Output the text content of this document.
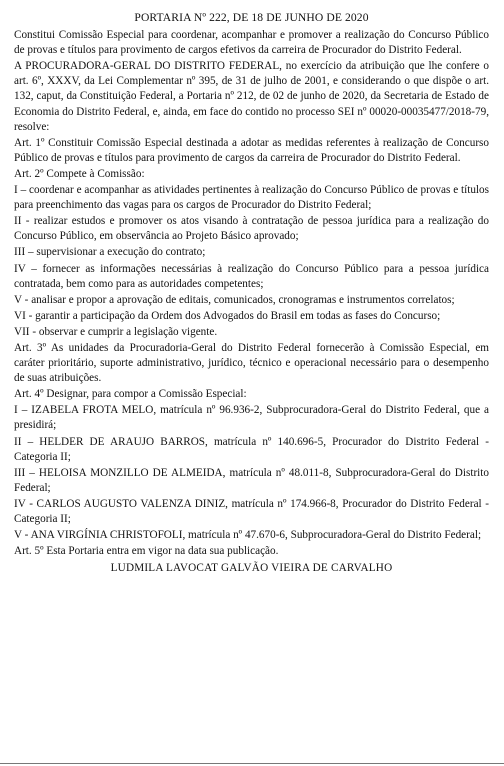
PORTARIA Nº 222, DE 18 DE JUNHO DE 2020
Constitui Comissão Especial para coordenar, acompanhar e promover a realização do Concurso Público de provas e títulos para provimento de cargos efetivos da carreira de Procurador do Distrito Federal.
A PROCURADORA-GERAL DO DISTRITO FEDERAL, no exercício da atribuição que lhe confere o art. 6º, XXXV, da Lei Complementar nº 395, de 31 de julho de 2001, e considerando o que dispõe o art. 132, caput, da Constituição Federal, a Portaria nº 212, de 02 de junho de 2020, da Secretaria de Estado de Economia do Distrito Federal, e, ainda, em face do contido no processo SEI nº 00020-00035477/2018-79, resolve:
Art. 1º Constituir Comissão Especial destinada a adotar as medidas referentes à realização de Concurso Público de provas e títulos para provimento de cargos da carreira de Procurador do Distrito Federal.
Art. 2º Compete à Comissão:
I – coordenar e acompanhar as atividades pertinentes à realização do Concurso Público de provas e títulos para preenchimento das vagas para os cargos de Procurador do Distrito Federal;
II - realizar estudos e promover os atos visando à contratação de pessoa jurídica para a realização do Concurso Público, em observância ao Projeto Básico aprovado;
III – supervisionar a execução do contrato;
IV – fornecer as informações necessárias à realização do Concurso Público para a pessoa jurídica contratada, bem como para as autoridades competentes;
V - analisar e propor a aprovação de editais, comunicados, cronogramas e instrumentos correlatos;
VI - garantir a participação da Ordem dos Advogados do Brasil em todas as fases do Concurso;
VII - observar e cumprir a legislação vigente.
Art. 3º As unidades da Procuradoria-Geral do Distrito Federal fornecerão à Comissão Especial, em caráter prioritário, suporte administrativo, jurídico, técnico e operacional necessário para o desempenho de suas atribuições.
Art. 4º Designar, para compor a Comissão Especial:
I – IZABELA FROTA MELO, matrícula nº 96.936-2, Subprocuradora-Geral do Distrito Federal, que a presidirá;
II – HELDER DE ARAUJO BARROS, matrícula nº 140.696-5, Procurador do Distrito Federal - Categoria II;
III – HELOISA MONZILLO DE ALMEIDA, matrícula nº 48.011-8, Subprocuradora-Geral do Distrito Federal;
IV - CARLOS AUGUSTO VALENZA DINIZ, matrícula nº 174.966-8, Procurador do Distrito Federal - Categoria II;
V - ANA VIRGÍNIA CHRISTOFOLI, matrícula nº 47.670-6, Subprocuradora-Geral do Distrito Federal;
Art. 5º Esta Portaria entra em vigor na data sua publicação.
LUDMILA LAVOCAT GALVÃO VIEIRA DE CARVALHO
